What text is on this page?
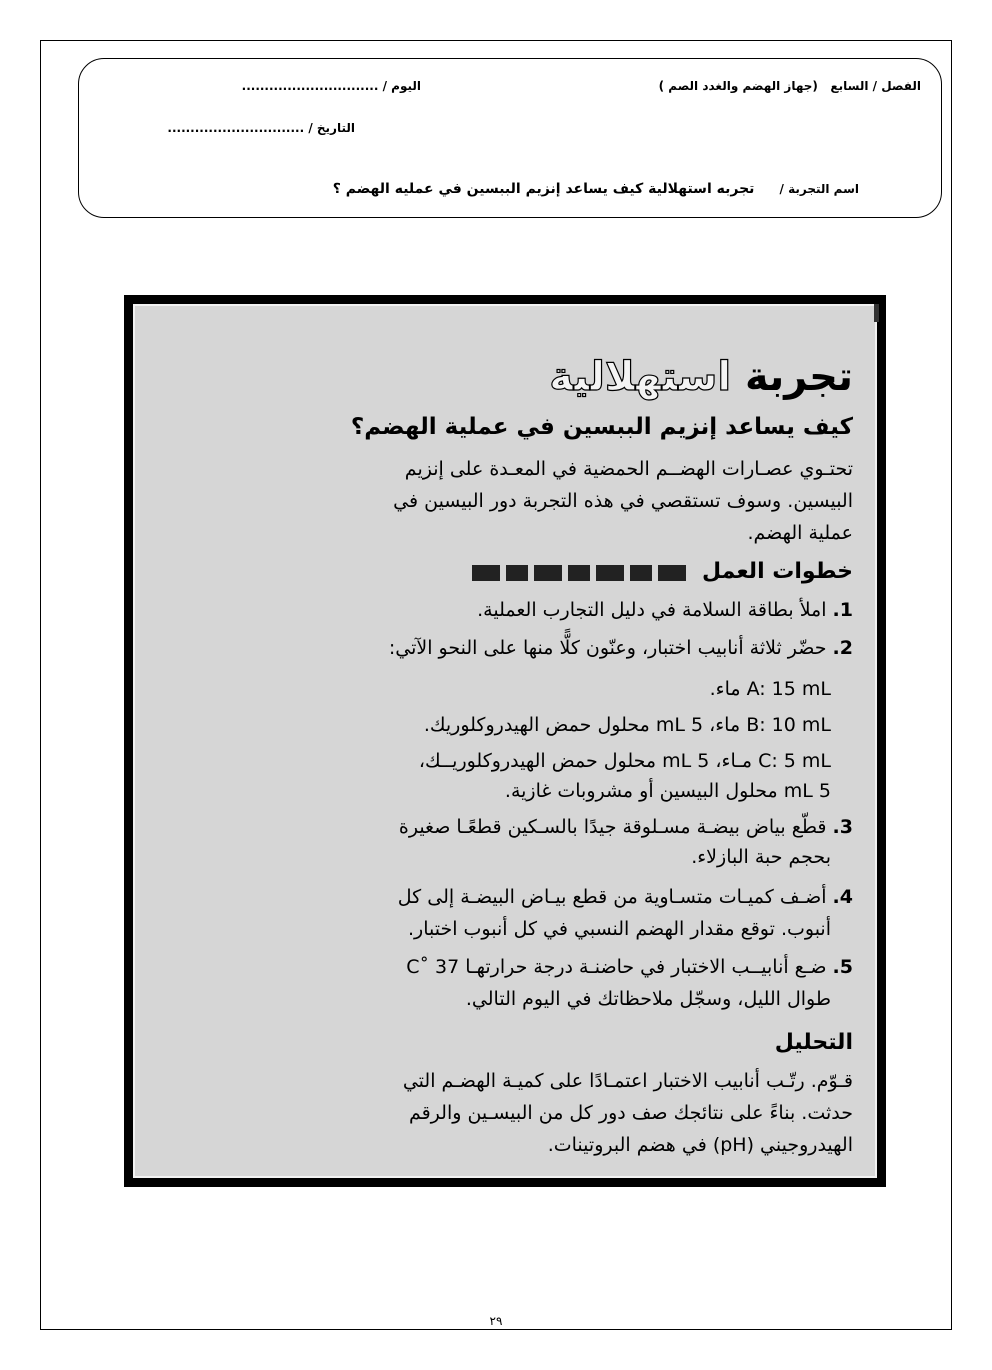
الفصل / السابع   (جهاز الهضم والغدد الصم )
اليوم / ..............................
التاريخ / ..............................
اسم التجربة /      تجربه استهلالية كيف يساعد إنزيم الببسين في عمليه الهضم ؟
تجربة استهلالية
كيف يساعد إنزيم الببسين في عملية الهضم؟
تحتـوي عصـارات الهضــم الحمضية في المعـدة على إنزيم
البيسين. وسوف تستقصي في هذه التجربة دور البيسين في
عملية الهضم.
خطوات العمل
1. املأ بطاقة السلامة في دليل التجارب العملية.
2. حضّر ثلاثة أنابيب اختبار، وعنّون كلًّا منها على النحو الآتي:
A: 15 mL ماء.
B: 10 mL ماء، 5 mL محلول حمض الهيدروكلوريك.
C: 5 mL مـاء، 5 mL محلول حمض الهيدروكلوريــك،
5 mL محلول البيسين أو مشروبات غازية.
3. قطّع بياض بيضـة مسـلوقة جيدًا بالسـكين قطعًـا صغيرة
بحجم حبة البازلاء.
4. أضـف كميـات متسـاوية من قطع بيـاض البيضـة إلى كل
أنبوب. توقع مقدار الهضم النسبي في كل أنبوب اختبار.
5. ضـع أنابيــب الاختبار في حاضنـة درجة حرارتهـا 37 ˚C
طوال الليل، وسجّل ملاحظاتك في اليوم التالي.
التحليل
قـوّم. رتّـب أنابيب الاختبار اعتمـادًا على كميـة الهضـم التي
حدثت. بناءً على نتائجك صف دور كل من البيسـين والرقم
الهيدروجيني (pH) في هضم البروتينات.
٢٩
